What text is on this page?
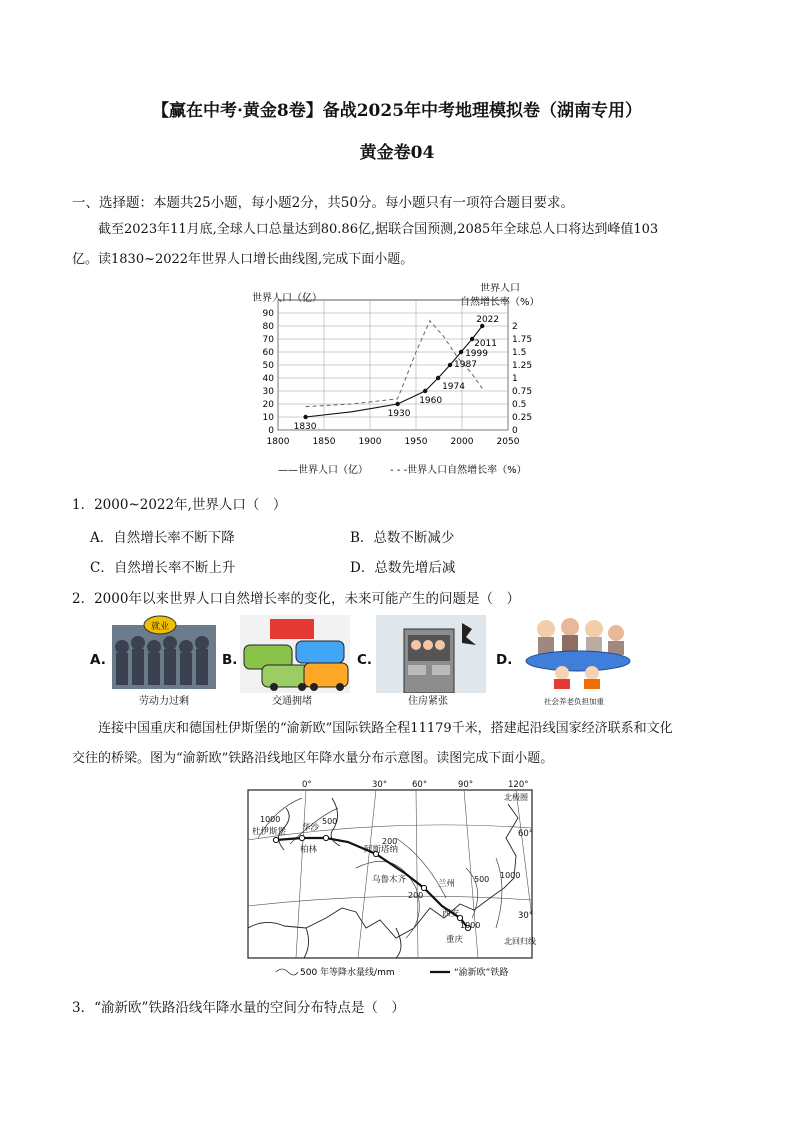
【赢在中考·黄金8卷】备战2025年中考地理模拟卷（湖南专用）
黄金卷04
一、选择题：本题共25小题，每小题2分，共50分。每小题只有一项符合题目要求。
截至2023年11月底,全球人口总量达到80.86亿,据联合国预测,2085年全球总人口将达到峰值103
亿。读1830~2022年世界人口增长曲线图,完成下面小题。
世界人口（亿）
世界人口
自然增长率（%）
0
10
20
30
40
50
60
70
80
90
0
0.25
0.5
0.75
1
1.25
1.5
1.75
2
1800	1850	1900	1950	2000	2050
1830
1930
1960
1974
1987
1999
2011
2022
——世界人口（亿） - - -世界人口自然增长率（%）
1．2000~2022年,世界人口（　）
A．自然增长率不断下降	B．总数不断减少
C．自然增长率不断上升	D．总数先增后减
2．2000年以来世界人口自然增长率的变化，未来可能产生的问题是（　）
A.
就业
劳动力过剩
B.
交通拥堵
C.
住房紧张
D.
社会养老负担加重
连接中国重庆和德国杜伊斯堡的“渝新欧”国际铁路全程11179千米，搭建起沿线国家经济联系和文化
交往的桥梁。图为“渝新欧”铁路沿线地区年降水量分布示意图。读图完成下面小题。
0°	30°	60°	90°	120°
60°
30°
北极圈
北回归线
杜伊斯堡 华沙
柏林	阿斯塔纳
乌鲁木齐	兰州
西安
重庆
1000	500
200
200
500 1000
1000
500 年等降水量线/mm	“渝新欧”铁路
3．“渝新欧”铁路沿线年降水量的空间分布特点是（　）
